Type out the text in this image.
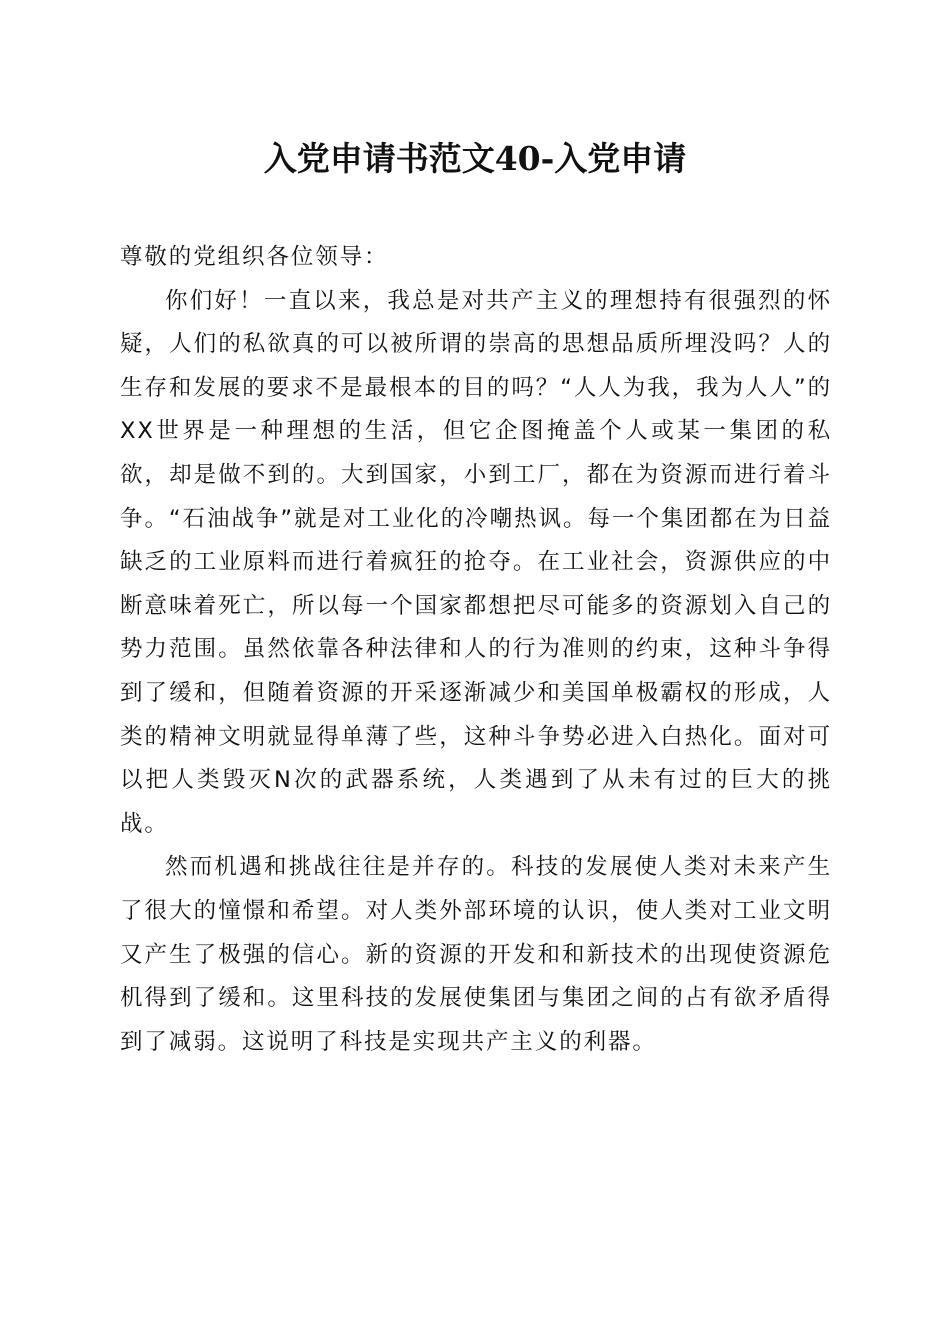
入党申请书范文40-入党申请

尊敬的党组织各位领导：

你们好！一直以来，我总是对共产主义的理想持有很强烈的怀疑，人们的私欲真的可以被所谓的崇高的思想品质所埋没吗？人的生存和发展的要求不是最根本的目的吗？“人人为我，我为人人”的XX世界是一种理想的生活，但它企图掩盖个人或某一集团的私欲，却是做不到的。大到国家，小到工厂，都在为资源而进行着斗争。“石油战争”就是对工业化的冷嘲热讽。每一个集团都在为日益缺乏的工业原料而进行着疯狂的抢夺。在工业社会，资源供应的中断意味着死亡，所以每一个国家都想把尽可能多的资源划入自己的势力范围。虽然依靠各种法律和人的行为准则的约束，这种斗争得到了缓和，但随着资源的开采逐渐减少和美国单极霸权的形成，人类的精神文明就显得单薄了些，这种斗争势必进入白热化。面对可以把人类毁灭N次的武器系统，人类遇到了从未有过的巨大的挑战。

然而机遇和挑战往往是并存的。科技的发展使人类对未来产生了很大的憧憬和希望。对人类外部环境的认识，使人类对工业文明又产生了极强的信心。新的资源的开发和和新技术的出现使资源危机得到了缓和。这里科技的发展使集团与集团之间的占有欲矛盾得到了减弱。这说明了科技是实现共产主义的利器。
